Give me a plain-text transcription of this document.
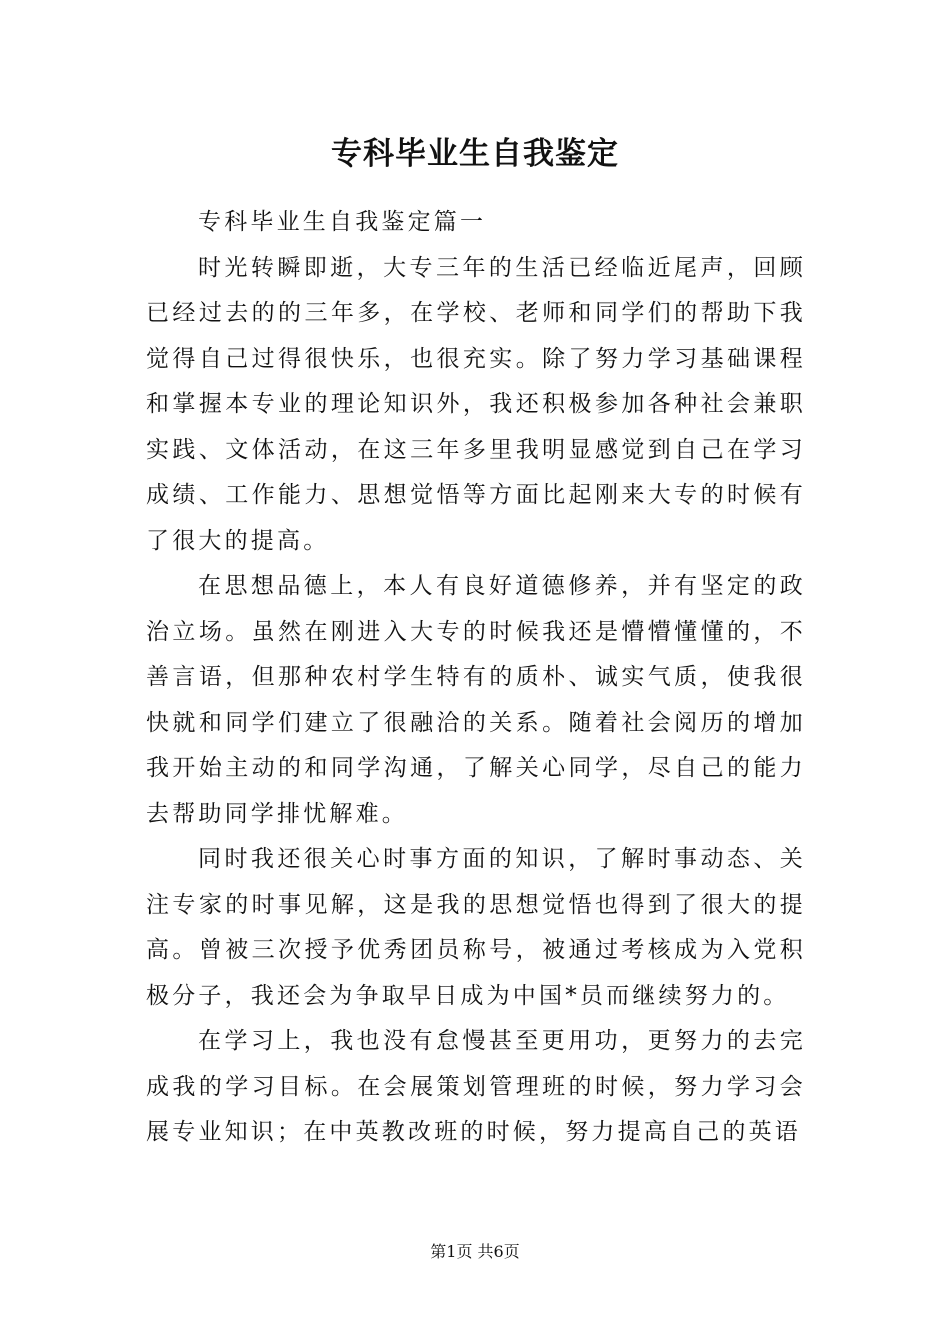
专科毕业生自我鉴定

专科毕业生自我鉴定篇一

时光转瞬即逝，大专三年的生活已经临近尾声，回顾已经过去的的三年多，在学校、老师和同学们的帮助下我觉得自己过得很快乐，也很充实。除了努力学习基础课程和掌握本专业的理论知识外，我还积极参加各种社会兼职实践、文体活动，在这三年多里我明显感觉到自己在学习成绩、工作能力、思想觉悟等方面比起刚来大专的时候有了很大的提高。

在思想品德上，本人有良好道德修养，并有坚定的政治立场。虽然在刚进入大专的时候我还是懵懵懂懂的，不善言语，但那种农村学生特有的质朴、诚实气质，使我很快就和同学们建立了很融洽的关系。随着社会阅历的增加我开始主动的和同学沟通，了解关心同学，尽自己的能力去帮助同学排忧解难。

同时我还很关心时事方面的知识，了解时事动态、关注专家的时事见解，这是我的思想觉悟也得到了很大的提高。曾被三次授予优秀团员称号，被通过考核成为入党积极分子，我还会为争取早日成为中国*员而继续努力的。

在学习上，我也没有怠慢甚至更用功，更努力的去完成我的学习目标。在会展策划管理班的时候，努力学习会展专业知识；在中英教改班的时候，努力提高自己的英语

第1页 共6页
